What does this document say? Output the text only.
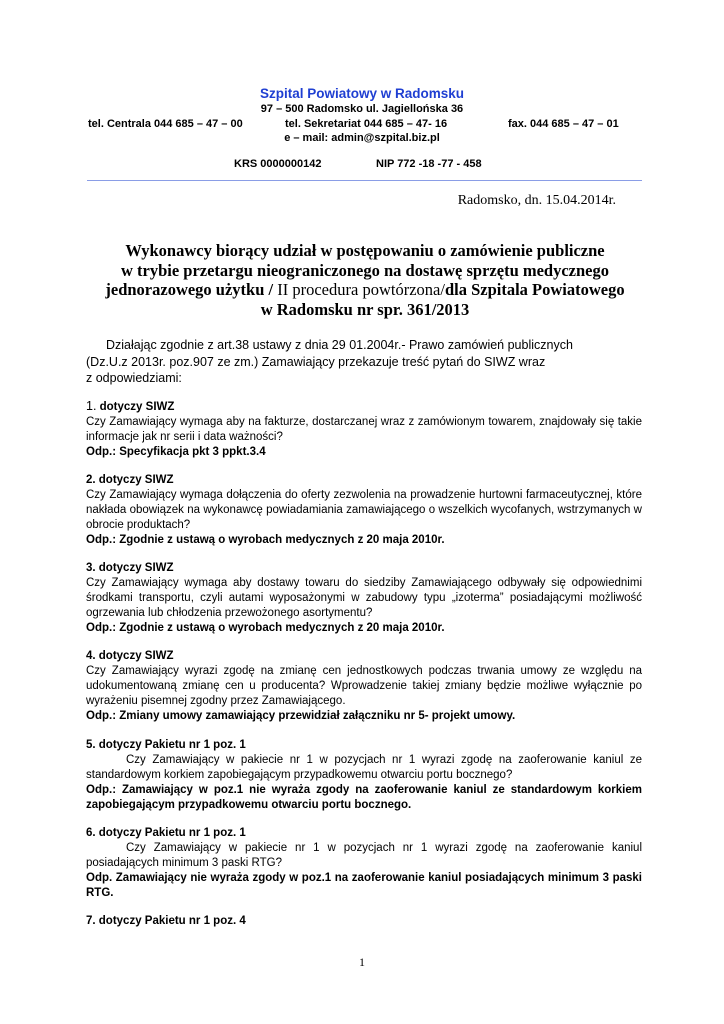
Szpital Powiatowy w Radomsku
97 – 500 Radomsko ul. Jagiellońska 36
tel. Centrala 044 685 – 47 – 00	tel. Sekretariat 044 685 – 47- 16	fax. 044 685 – 47 – 01
e – mail: admin@szpital.biz.pl
KRS 0000000142	NIP 772 -18 -77 - 458
Radomsko, dn. 15.04.2014r.
Wykonawcy biorący udział w postępowaniu o zamówienie publiczne
w trybie przetargu nieograniczonego na dostawę sprzętu medycznego
jednorazowego użytku / II procedura powtórzona/dla Szpitala Powiatowego
w Radomsku nr spr. 361/2013

Działając zgodnie z art.38 ustawy z dnia 29 01.2004r.- Prawo zamówień publicznych

(Dz.U.z 2013r. poz.907 ze zm.) Zamawiający przekazuje treść pytań do SIWZ wraz

z odpowiedziami:

1. dotyczy SIWZ

Czy Zamawiający wymaga aby na fakturze, dostarczanej wraz z zamówionym towarem, znajdowały się takie informacje jak nr serii i data ważności?

Odp.: Specyfikacja pkt 3 ppkt.3.4

2. dotyczy SIWZ

Czy Zamawiający wymaga dołączenia do oferty zezwolenia na prowadzenie hurtowni farmaceutycznej, które nakłada obowiązek na wykonawcę powiadamiania zamawiającego o wszelkich wycofanych, wstrzymanych w obrocie produktach?

Odp.: Zgodnie z ustawą o wyrobach medycznych z 20 maja 2010r.

3. dotyczy SIWZ

Czy Zamawiający wymaga aby dostawy towaru do siedziby Zamawiającego odbywały się odpowiednimi środkami transportu, czyli autami wyposażonymi w zabudowy typu „izoterma” posiadającymi możliwość ogrzewania lub chłodzenia przewożonego asortymentu?

Odp.: Zgodnie z ustawą o wyrobach medycznych z 20 maja 2010r.

4. dotyczy SIWZ

Czy Zamawiający wyrazi zgodę na zmianę cen jednostkowych podczas trwania umowy ze względu na udokumentowaną zmianę cen u producenta? Wprowadzenie takiej zmiany będzie możliwe wyłącznie po wyrażeniu pisemnej zgodny przez Zamawiającego.

Odp.: Zmiany umowy zamawiający przewidział załączniku nr 5- projekt umowy.

5. dotyczy Pakietu nr 1 poz. 1

Czy Zamawiający w pakiecie nr 1 w pozycjach nr 1 wyrazi zgodę na zaoferowanie kaniul ze standardowym korkiem zapobiegającym przypadkowemu otwarciu portu bocznego?

Odp.: Zamawiający w poz.1 nie wyraża zgody na zaoferowanie kaniul ze standardowym korkiem zapobiegającym przypadkowemu otwarciu portu bocznego.

6. dotyczy Pakietu nr 1 poz. 1

Czy Zamawiający w pakiecie nr 1 w pozycjach nr 1 wyrazi zgodę na zaoferowanie kaniul posiadających minimum 3 paski RTG?

Odp. Zamawiający nie wyraża zgody w poz.1 na zaoferowanie kaniul posiadających minimum 3 paski RTG.

7. dotyczy Pakietu nr 1 poz. 4

1
